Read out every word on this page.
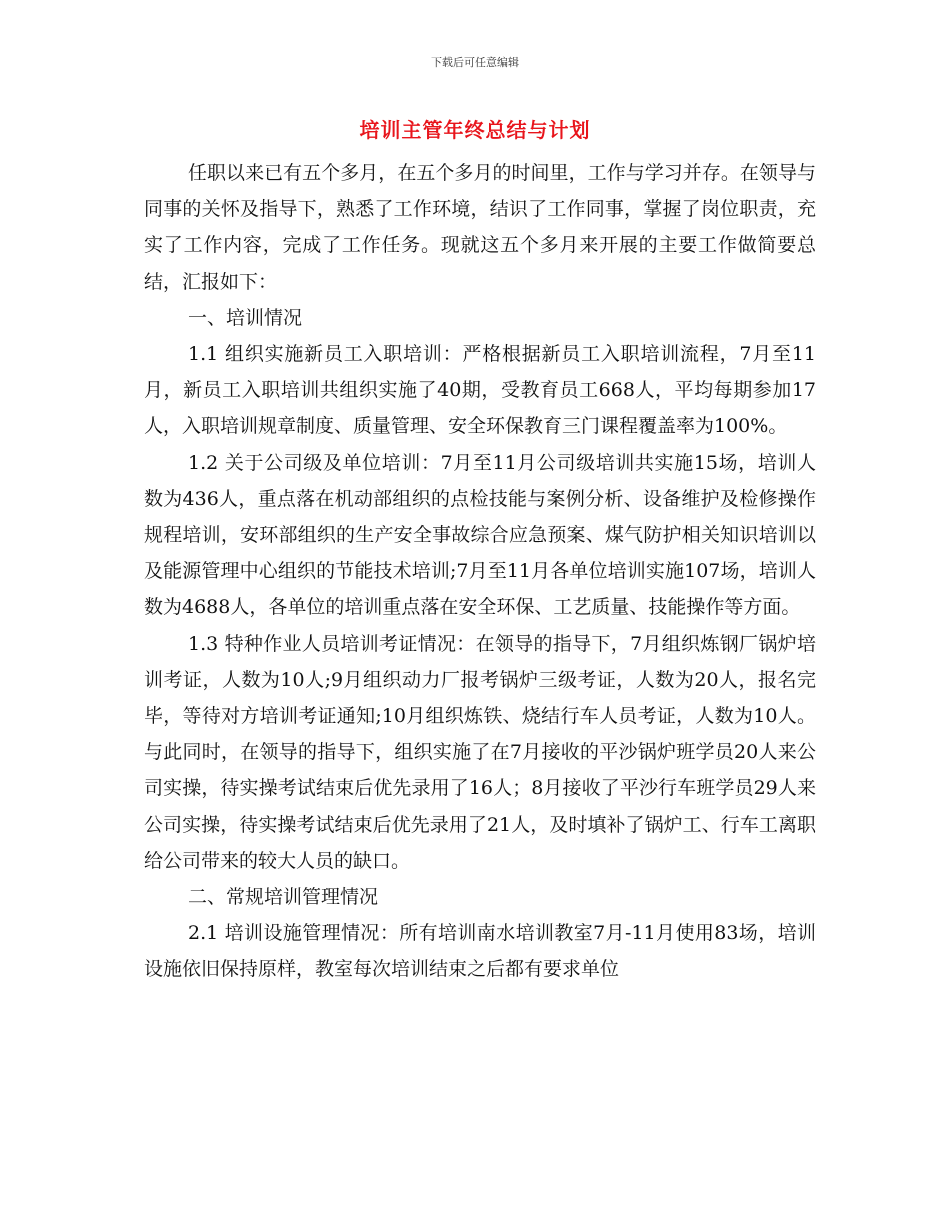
下载后可任意编辑
培训主管年终总结与计划

任职以来已有五个多月，在五个多月的时间里，工作与学习并存。在领导与同事的关怀及指导下，熟悉了工作环境，结识了工作同事，掌握了岗位职责，充实了工作内容，完成了工作任务。现就这五个多月来开展的主要工作做简要总结，汇报如下：

一、培训情况

1.1 组织实施新员工入职培训：严格根据新员工入职培训流程，7月至11月，新员工入职培训共组织实施了40期，受教育员工668人，平均每期参加17人，入职培训规章制度、质量管理、安全环保教育三门课程覆盖率为100%。

1.2 关于公司级及单位培训：7月至11月公司级培训共实施15场，培训人数为436人，重点落在机动部组织的点检技能与案例分析、设备维护及检修操作规程培训，安环部组织的生产安全事故综合应急预案、煤气防护相关知识培训以及能源管理中心组织的节能技术培训;7月至11月各单位培训实施107场，培训人数为4688人，各单位的培训重点落在安全环保、工艺质量、技能操作等方面。

1.3 特种作业人员培训考证情况：在领导的指导下，7月组织炼钢厂锅炉培训考证，人数为10人;9月组织动力厂报考锅炉三级考证，人数为20人，报名完毕，等待对方培训考证通知;10月组织炼铁、烧结行车人员考证，人数为10人。与此同时，在领导的指导下，组织实施了在7月接收的平沙锅炉班学员20人来公司实操，待实操考试结束后优先录用了16人；8月接收了平沙行车班学员29人来公司实操，待实操考试结束后优先录用了21人，及时填补了锅炉工、行车工离职给公司带来的较大人员的缺口。

二、常规培训管理情况

2.1 培训设施管理情况：所有培训南水培训教室7月-11月使用83场，培训设施依旧保持原样，教室每次培训结束之后都有要求单位
